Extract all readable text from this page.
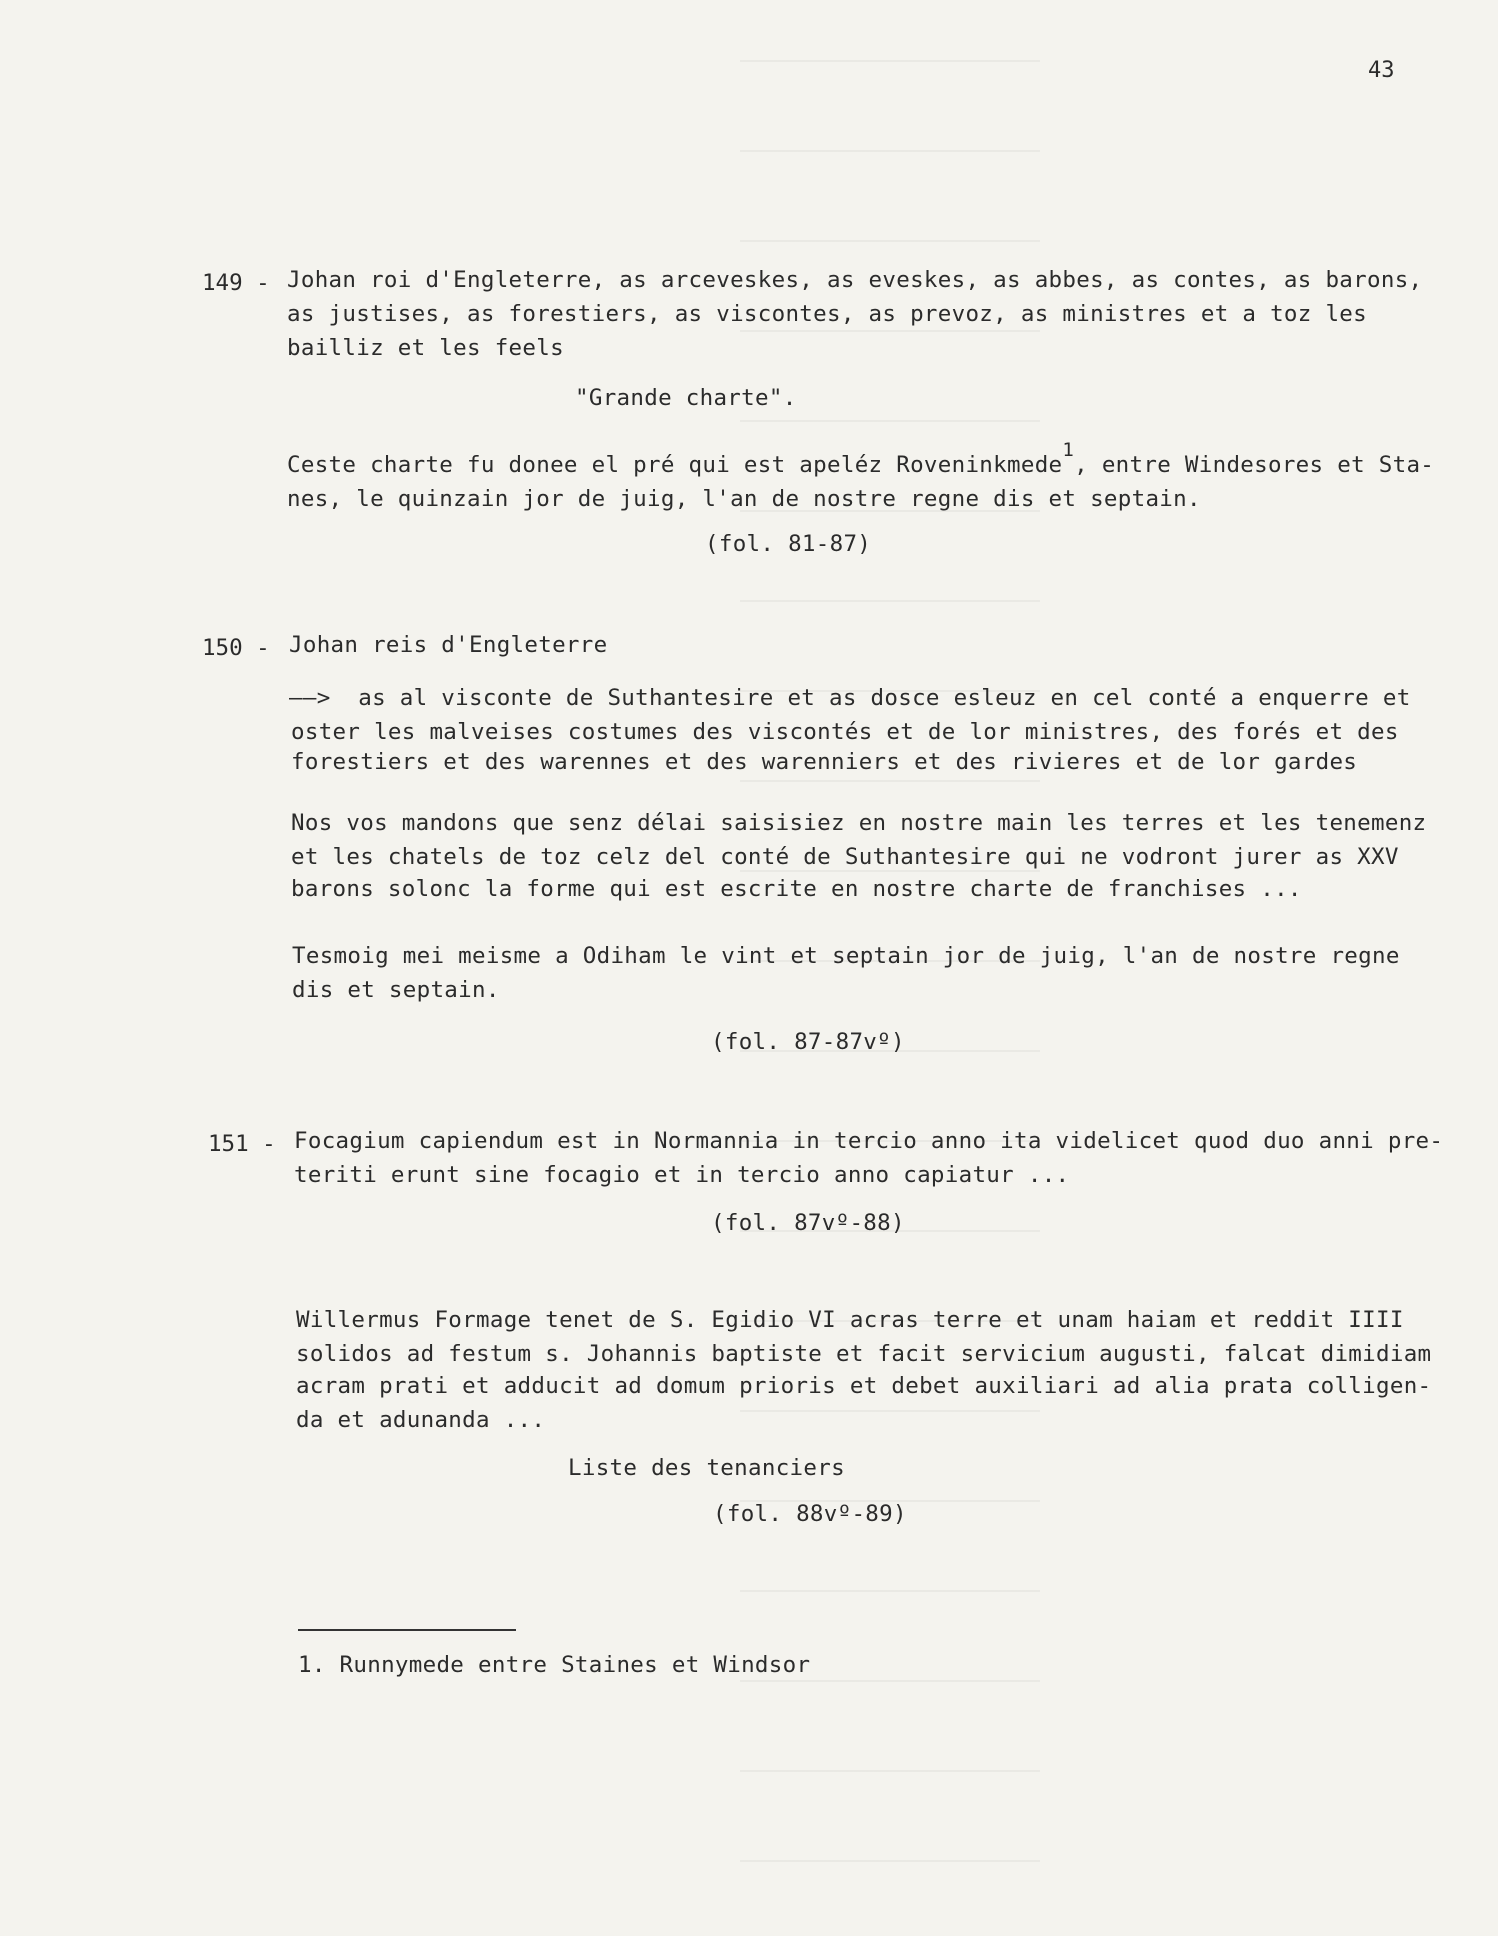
43
149 - Johan roi d'Engleterre, as arceveskes, as eveskes, as abbes, as contes, as barons,
as justises, as forestiers, as viscontes, as prevoz, as ministres et a toz les
bailliz et les feels
"Grande charte".
Ceste charte fu donee el pré qui est apeléz Roveninkmede$^1$, entre Windesores et Sta-
nes, le quinzain jor de juig, l'an de nostre regne dis et septain.
(fol. 81-87)
150 - Johan reis d'Engleterre
——>  as al visconte de Suthantesire et as dosce esleuz en cel conté a enquerre et
oster les malveises costumes des viscontés et de lor ministres, des forés et des
forestiers et des warennes et des warenniers et des rivieres et de lor gardes
Nos vos mandons que senz délai saisisiez en nostre main les terres et les tenemenz
et les chatels de toz celz del conté de Suthantesire qui ne vodront jurer as XXV
barons solonc la forme qui est escrite en nostre charte de franchises ...
Tesmoig mei meisme a Odiham le vint et septain jor de juig, l'an de nostre regne
dis et septain.
(fol. 87-87vº)
151 - Focagium capiendum est in Normannia in tercio anno ita videlicet quod duo anni pre-
teriti erunt sine focagio et in tercio anno capiatur ...
(fol. 87vº-88)
Willermus Formage tenet de S. Egidio VI acras terre et unam haiam et reddit IIII
solidos ad festum s. Johannis baptiste et facit servicium augusti, falcat dimidiam
acram prati et adducit ad domum prioris et debet auxiliari ad alia prata colligen-
da et adunanda ...
Liste des tenanciers
(fol. 88vº-89)
1. Runnymede entre Staines et Windsor
